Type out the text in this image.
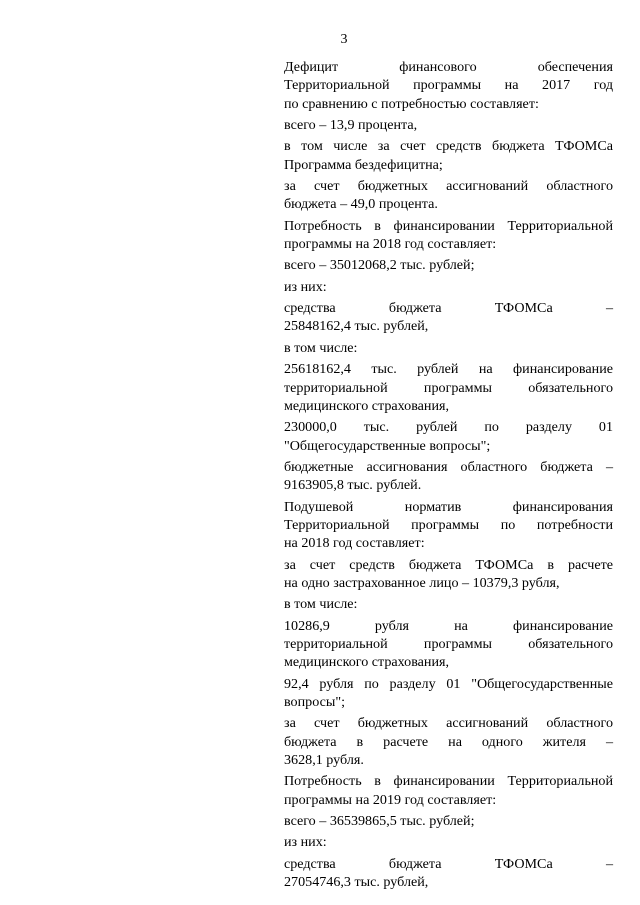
3
Дефицит финансового обеспечения
Территориальной программы на 2017 год
по сравнению с потребностью составляет:
всего – 13,9 процента,
в том числе за счет средств бюджета ТФОМСа
Программа бездефицитна;
за счет бюджетных ассигнований областного
бюджета – 49,0 процента.
Потребность в финансировании Территориальной
программы на 2018 год составляет:
всего – 35012068,2 тыс. рублей;
из них:
средства бюджета ТФОМСа –
25848162,4 тыс. рублей,
в том числе:
25618162,4 тыс. рублей на финансирование
территориальной программы обязательного
медицинского страхования,
230000,0 тыс. рублей по разделу 01
"Общегосударственные вопросы";
бюджетные ассигнования областного бюджета –
9163905,8 тыс. рублей.
Подушевой норматив финансирования
Территориальной программы по потребности
на 2018 год составляет:
за счет средств бюджета ТФОМСа в расчете
на одно застрахованное лицо – 10379,3 рубля,
в том числе:
10286,9 рубля на финансирование
территориальной программы обязательного
медицинского страхования,
92,4 рубля по разделу 01 "Общегосударственные
вопросы";
за счет бюджетных ассигнований областного
бюджета в расчете на одного жителя –
3628,1 рубля.
Потребность в финансировании Территориальной
программы на 2019 год составляет:
всего – 36539865,5 тыс. рублей;
из них:
средства бюджета ТФОМСа –
27054746,3 тыс. рублей,
